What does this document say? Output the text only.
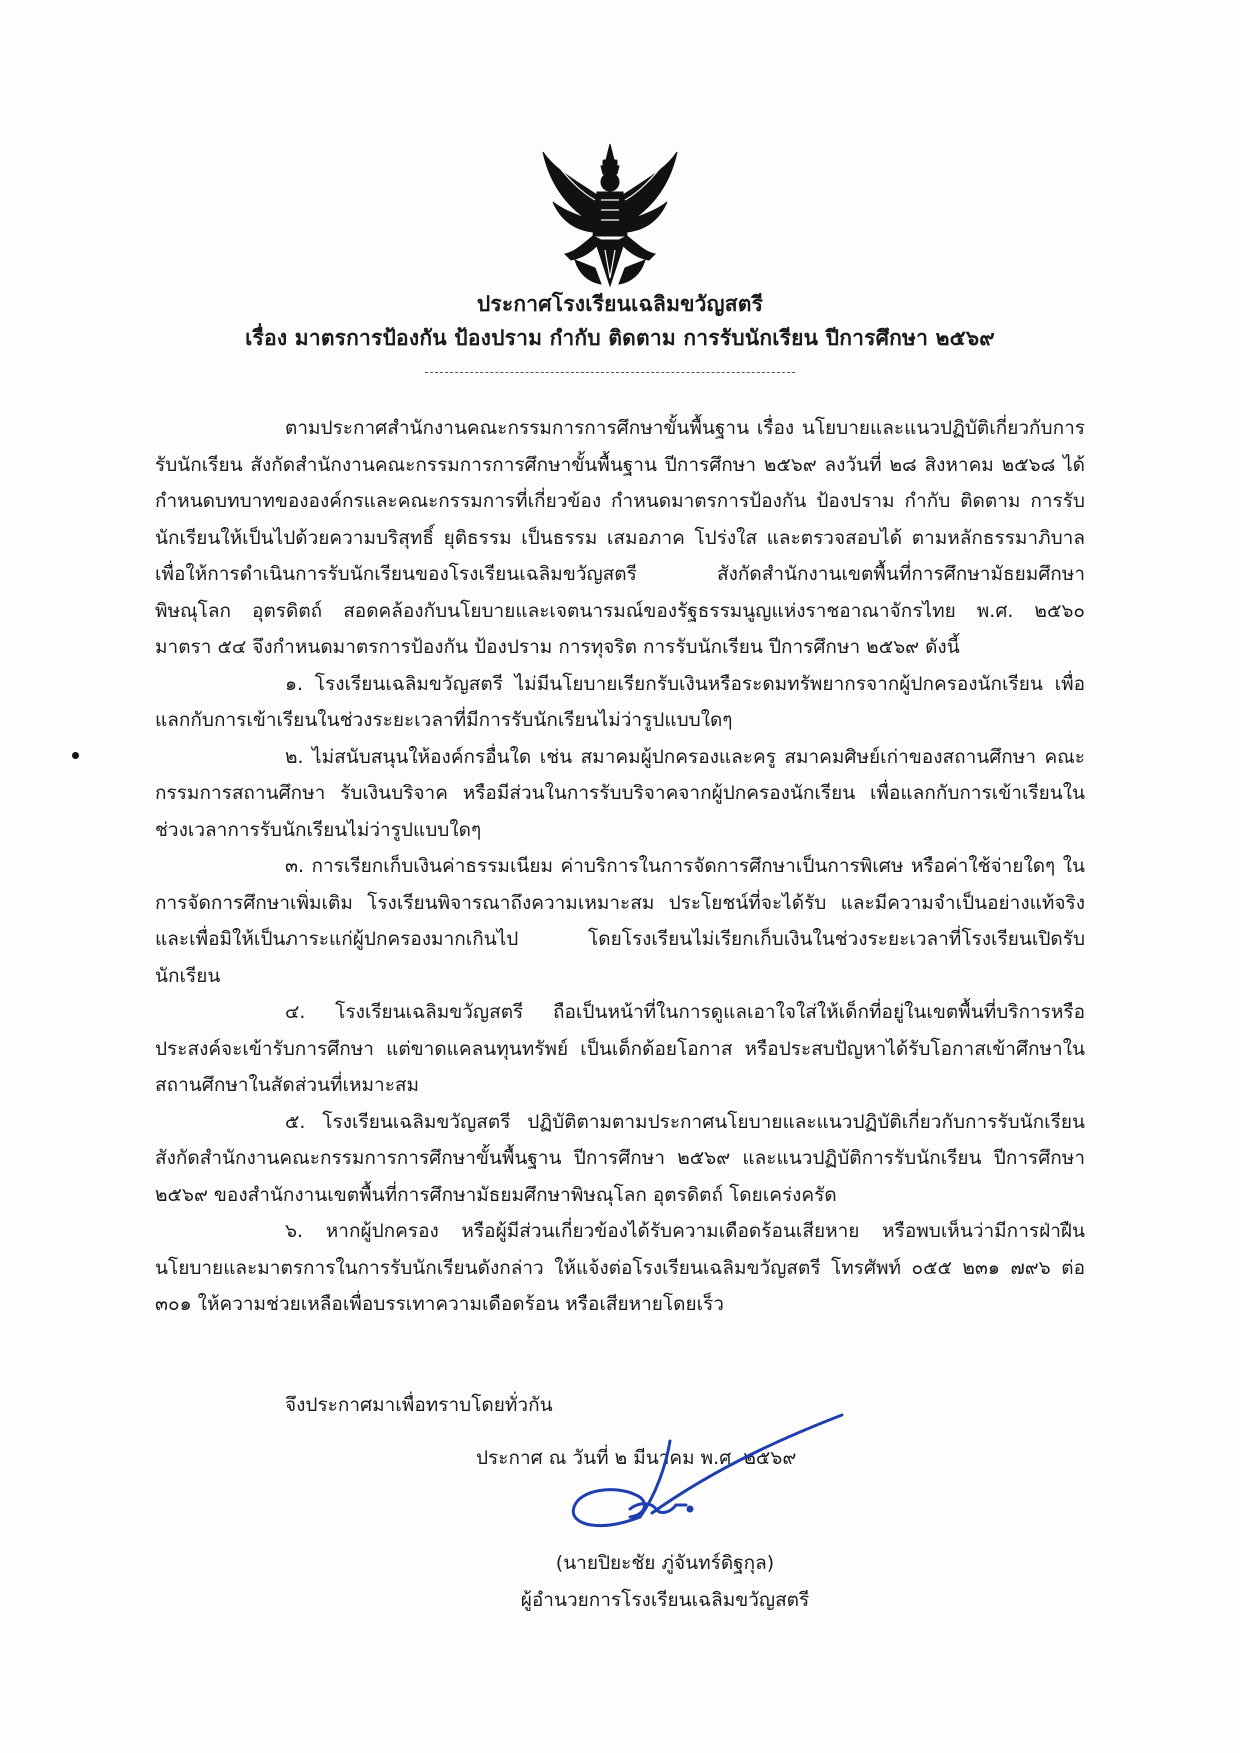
ประกาศโรงเรียนเฉลิมขวัญสตรี
เรื่อง มาตรการป้องกัน ป้องปราม กำกับ ติดตาม การรับนักเรียน ปีการศึกษา ๒๕๖๙

ตามประกาศสำนักงานคณะกรรมการการศึกษาขั้นพื้นฐาน เรื่อง นโยบายและแนวปฏิบัติเกี่ยวกับการรับนักเรียน สังกัดสำนักงานคณะกรรมการการศึกษาขั้นพื้นฐาน ปีการศึกษา ๒๕๖๙ ลงวันที่ ๒๘ สิงหาคม ๒๕๖๘ ได้กำหนดบทบาทขององค์กรและคณะกรรมการที่เกี่ยวข้อง กำหนดมาตรการป้องกัน ป้องปราม กำกับ ติดตาม การรับนักเรียนให้เป็นไปด้วยความบริสุทธิ์ ยุติธรรม เป็นธรรม เสมอภาค โปร่งใส และตรวจสอบได้ ตามหลักธรรมาภิบาล เพื่อให้การดำเนินการรับนักเรียนของโรงเรียนเฉลิมขวัญสตรี สังกัดสำนักงานเขตพื้นที่การศึกษามัธยมศึกษาพิษณุโลก อุตรดิตถ์ สอดคล้องกับนโยบายและเจตนารมณ์ของรัฐธรรมนูญแห่งราชอาณาจักรไทย พ.ศ. ๒๕๖๐ มาตรา ๕๔ จึงกำหนดมาตรการป้องกัน ป้องปราม การทุจริต การรับนักเรียน ปีการศึกษา ๒๕๖๙ ดังนี้

๑. โรงเรียนเฉลิมขวัญสตรี ไม่มีนโยบายเรียกรับเงินหรือระดมทรัพยากรจากผู้ปกครองนักเรียน เพื่อแลกกับการเข้าเรียนในช่วงระยะเวลาที่มีการรับนักเรียนไม่ว่ารูปแบบใดๆ

๒. ไม่สนับสนุนให้องค์กรอื่นใด เช่น สมาคมผู้ปกครองและครู สมาคมศิษย์เก่าของสถานศึกษา คณะกรรมการสถานศึกษา รับเงินบริจาค หรือมีส่วนในการรับบริจาคจากผู้ปกครองนักเรียน เพื่อแลกกับการเข้าเรียนในช่วงเวลาการรับนักเรียนไม่ว่ารูปแบบใดๆ

๓. การเรียกเก็บเงินค่าธรรมเนียม ค่าบริการในการจัดการศึกษาเป็นการพิเศษ หรือค่าใช้จ่ายใดๆ ในการจัดการศึกษาเพิ่มเติม โรงเรียนพิจารณาถึงความเหมาะสม ประโยชน์ที่จะได้รับ และมีความจำเป็นอย่างแท้จริง และเพื่อมิให้เป็นภาระแก่ผู้ปกครองมากเกินไป โดยโรงเรียนไม่เรียกเก็บเงินในช่วงระยะเวลาที่โรงเรียนเปิดรับนักเรียน

๔. โรงเรียนเฉลิมขวัญสตรี ถือเป็นหน้าที่ในการดูแลเอาใจใส่ให้เด็กที่อยู่ในเขตพื้นที่บริการหรือประสงค์จะเข้ารับการศึกษา แต่ขาดแคลนทุนทรัพย์ เป็นเด็กด้อยโอกาส หรือประสบปัญหาได้รับโอกาสเข้าศึกษาในสถานศึกษาในสัดส่วนที่เหมาะสม

๕. โรงเรียนเฉลิมขวัญสตรี ปฏิบัติตามตามประกาศนโยบายและแนวปฏิบัติเกี่ยวกับการรับนักเรียนสังกัดสำนักงานคณะกรรมการการศึกษาขั้นพื้นฐาน ปีการศึกษา ๒๕๖๙ และแนวปฏิบัติการรับนักเรียน ปีการศึกษา ๒๕๖๙ ของสำนักงานเขตพื้นที่การศึกษามัธยมศึกษาพิษณุโลก อุตรดิตถ์ โดยเคร่งครัด

๖. หากผู้ปกครอง หรือผู้มีส่วนเกี่ยวข้องได้รับความเดือดร้อนเสียหาย หรือพบเห็นว่ามีการฝ่าฝืน นโยบายและมาตรการในการรับนักเรียนดังกล่าว ให้แจ้งต่อโรงเรียนเฉลิมขวัญสตรี โทรศัพท์ ๐๕๕ ๒๓๑ ๗๙๖ ต่อ ๓๐๑ ให้ความช่วยเหลือเพื่อบรรเทาความเดือดร้อน หรือเสียหายโดยเร็ว

จึงประกาศมาเพื่อทราบโดยทั่วกัน
ประกาศ ณ วันที่ ๒ มีนาคม พ.ศ. ๒๕๖๙
(นายปิยะชัย ภู่จันทร์ดิฐกุล)
ผู้อำนวยการโรงเรียนเฉลิมขวัญสตรี
